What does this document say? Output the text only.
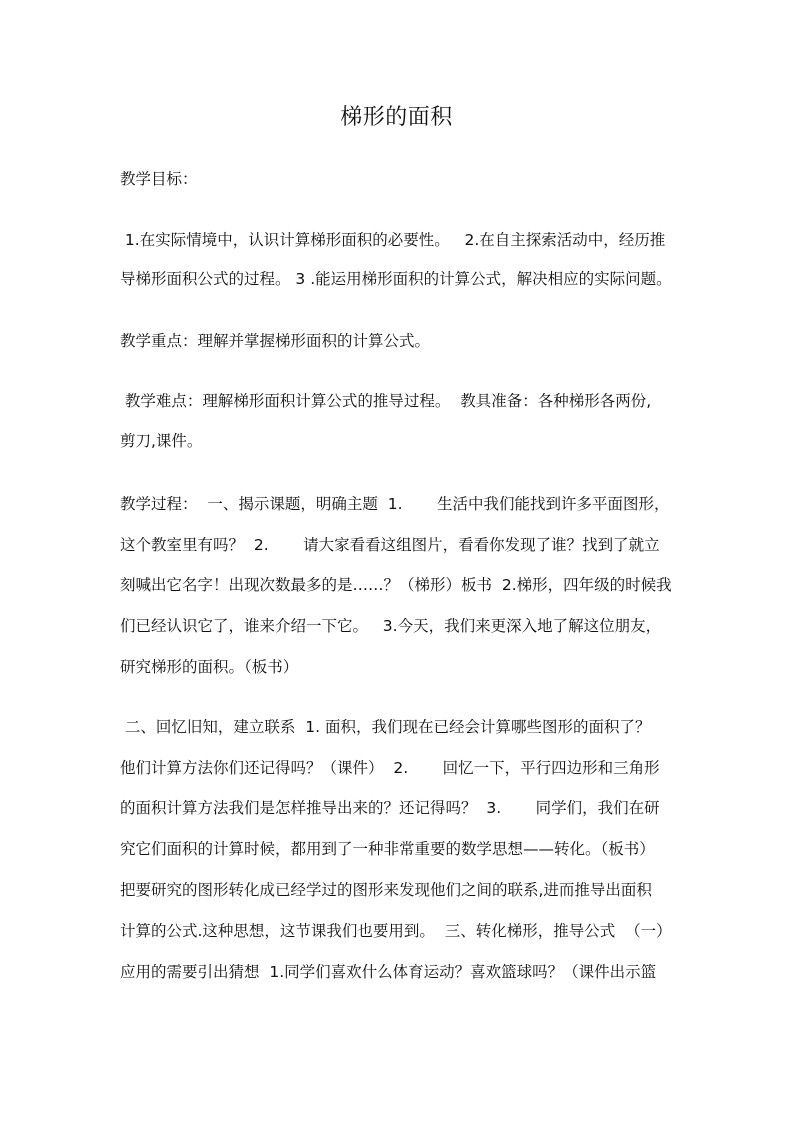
梯形的面积
教学目标：
1.在实际情境中，认识计算梯形面积的必要性。   2.在自主探索活动中，经历推
导梯形面积公式的过程。 3 .能运用梯形面积的计算公式，解决相应的实际问题。
教学重点：理解并掌握梯形面积的计算公式。
教学难点：理解梯形面积计算公式的推导过程。  教具准备：各种梯形各两份,
剪刀,课件。
教学过程：  一、揭示课题，明确主题  1.       生活中我们能找到许多平面图形，
这个教室里有吗？  2.       请大家看看这组图片，看看你发现了谁？找到了就立
刻喊出它名字！出现次数最多的是……？（梯形）板书  2.梯形，四年级的时候我
们已经认识它了，谁来介绍一下它。   3.今天，我们来更深入地了解这位朋友，
研究梯形的面积。（板书）
二、回忆旧知，建立联系  1. 面积，我们现在已经会计算哪些图形的面积了？
他们计算方法你们还记得吗？（课件）  2.       回忆一下，平行四边形和三角形
的面积计算方法我们是怎样推导出来的？还记得吗？  3.       同学们，我们在研
究它们面积的计算时候，都用到了一种非常重要的数学思想——转化。（板书）
把要研究的图形转化成已经学过的图形来发现他们之间的联系,进而推导出面积
计算的公式.这种思想，这节课我们也要用到。  三、转化梯形，推导公式  （一）
应用的需要引出猜想  1.同学们喜欢什么体育运动？喜欢篮球吗？（课件出示篮
